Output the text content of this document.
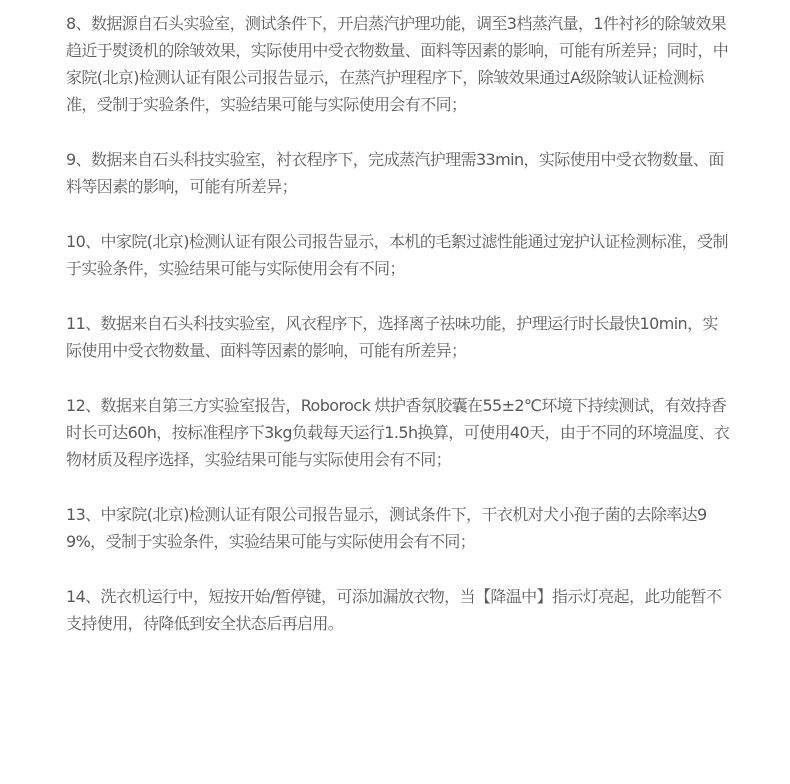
8、数据源自石头实验室，测试条件下，开启蒸汽护理功能，调至3档蒸汽量，1件衬衫的除皱效果趋近于熨烫机的除皱效果，实际使用中受衣物数量、面料等因素的影响，可能有所差异；同时，中家院(北京)检测认证有限公司报告显示，在蒸汽护理程序下，除皱效果通过A级除皱认证检测标准，受制于实验条件，实验结果可能与实际使用会有不同；

9、数据来自石头科技实验室，衬衣程序下，完成蒸汽护理需33min，实际使用中受衣物数量、面料等因素的影响，可能有所差异；

10、中家院(北京)检测认证有限公司报告显示，本机的毛絮过滤性能通过宠护认证检测标准，受制于实验条件，实验结果可能与实际使用会有不同；

11、数据来自石头科技实验室，风衣程序下，选择离子祛味功能，护理运行时长最快10min，实际使用中受衣物数量、面料等因素的影响，可能有所差异；

12、数据来自第三方实验室报告，Roborock 烘护香氛胶囊在55±2℃环境下持续测试，有效持香时长可达60h，按标准程序下3kg负载每天运行1.5h换算，可使用40天，由于不同的环境温度、衣物材质及程序选择，实验结果可能与实际使用会有不同；

13、中家院(北京)检测认证有限公司报告显示，测试条件下，干衣机对犬小孢子菌的去除率达99%，受制于实验条件，实验结果可能与实际使用会有不同；

14、洗衣机运行中，短按开始/暂停键，可添加漏放衣物，当【降温中】指示灯亮起，此功能暂不支持使用，待降低到安全状态后再启用。
